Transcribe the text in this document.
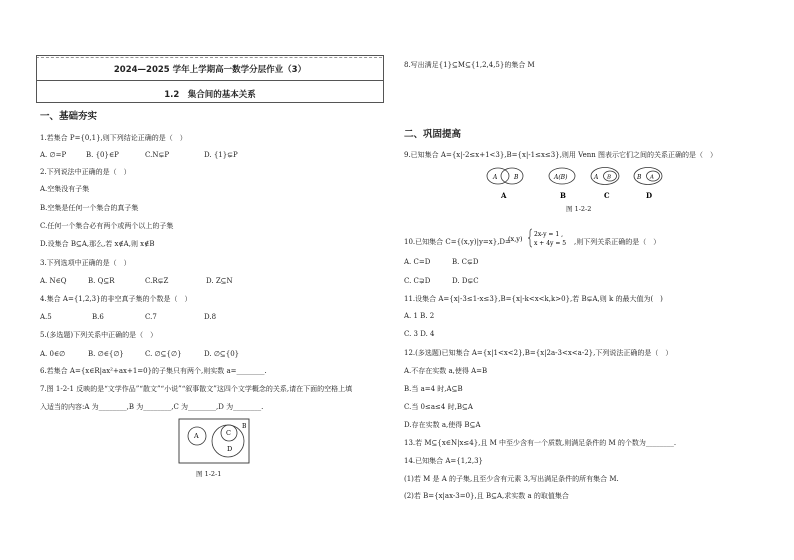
2024—2025 学年上学期高一数学分层作业（3）
1.2　集合间的基本关系
一、基础夯实
1.若集合 P={0,1},则下列结论正确的是（　）
A. ∅=P	B. {0}∈P	C.N⊊P	D. {1}⊊P
2.下列说法中正确的是（　）
A.空集没有子集
B.空集是任何一个集合的真子集
C.任何一个集合必有两个或两个以上的子集
D.设集合 B⊆A,那么,若 x∉A,则 x∉B
3.下列选项中正确的是（　）
A. N∈Q	B. Q⊆R	C.R⊊Z	D. Z⊆N
4.集合 A={1,2,3}的非空真子集的个数是（　）
A.5	B.6	C.7	D.8
5.(多选题)下列关系中正确的是（　）
A. 0∈∅	B. ∅∈{∅}	C. ∅⊆{∅}	D. ∅⊆{0}
6.若集合 A={x∈R|ax²+ax+1=0}的子集只有两个,则实数 a=________.
7.图 1-2-1 反映的是“文学作品”“散文”“小说”“叙事散文”这四个文学概念的关系,请在下面的空格上填
入适当的内容:A 为________,B 为________,C 为________,D 为________.
A	C
D
B
图 1-2-1
8.写出满足{1}⊆M⊆{1,2,4,5}的集合 M
二、巩固提高
9.已知集合 A={x|-2≤x+1<3},B={x|-1≤x≤3},则用 Venn 图表示它们之间的关系正确的是（　）
A	B	A(B)	A B	B A
A	B	C	D
图 1-2-2
10.已知集合 C={(x,y)|y=x},D=
(x,y)
2x-y = 1 ,
x + 4y = 5 ,则下列关系正确的是（　）
A. C=D	B. C⊊D
C. C⊋D	D. D⊊C
11.设集合 A={x|-3≤1-x≤3},B={x|-k<x<k,k>0},若 B⊊A,则 k 的最大值为(　)
A. 1 B. 2
C. 3 D. 4
12.(多选题)已知集合 A={x|1<x<2},B={x|2a-3<x<a-2},下列说法正确的是（　）
A.不存在实数 a,使得 A=B
B.当 a=4 时,A⊆B
C.当 0≤a≤4 时,B⊆A
D.存在实数 a,使得 B⊆A
13.若 M⊆{x∈N|x≤4},且 M 中至少含有一个质数,则满足条件的 M 的个数为________.
14.已知集合 A={1,2,3}
(1)若 M 是 A 的子集,且至少含有元素 3,写出满足条件的所有集合 M.
(2)若 B={x|ax-3=0},且 B⊆A,求实数 a 的取值集合
